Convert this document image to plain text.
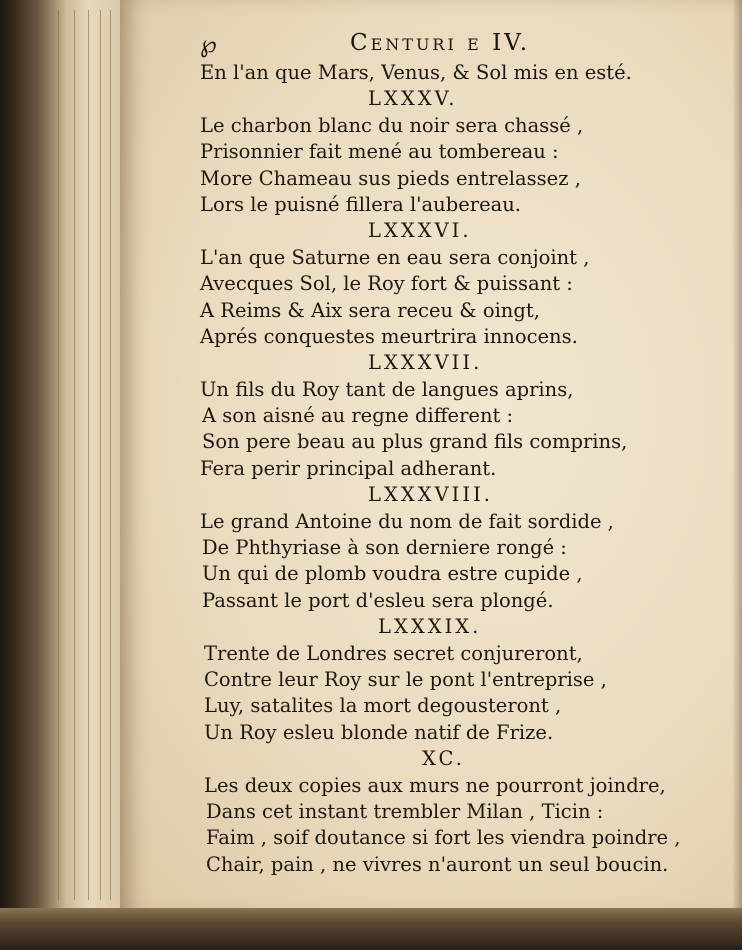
℘	Centuri e IV.
En l'an que Mars, Venus, & Sol mis en esté.
LXXXV.
Le charbon blanc du noir sera chassé ,
Prisonnier fait mené au tombereau :
More Chameau sus pieds entrelassez ,
Lors le puisné fillera l'aubereau.
LXXXVI.
L'an que Saturne en eau sera conjoint ,
Avecques Sol, le Roy fort & puissant :
A Reims & Aix sera receu & oingt,
Aprés conquestes meurtrira innocens.
LXXXVII.
Un fils du Roy tant de langues aprins,
A son aisné au regne different :
Son pere beau au plus grand fils comprins,
Fera perir principal adherant.
LXXXVIII.
Le grand Antoine du nom de fait sordide ,
De Phthyriase à son derniere rongé :
Un qui de plomb voudra estre cupide ,
Passant le port d'esleu sera plongé.
LXXXIX.
Trente de Londres secret conjureront,
Contre leur Roy sur le pont l'entreprise ,
Luy, satalites la mort degousteront ,
Un Roy esleu blonde natif de Frize.
XC.
Les deux copies aux murs ne pourront joindre,
Dans cet instant trembler Milan , Ticin :
Faim , soif doutance si fort les viendra poindre ,
Chair, pain , ne vivres n'auront un seul boucin.
